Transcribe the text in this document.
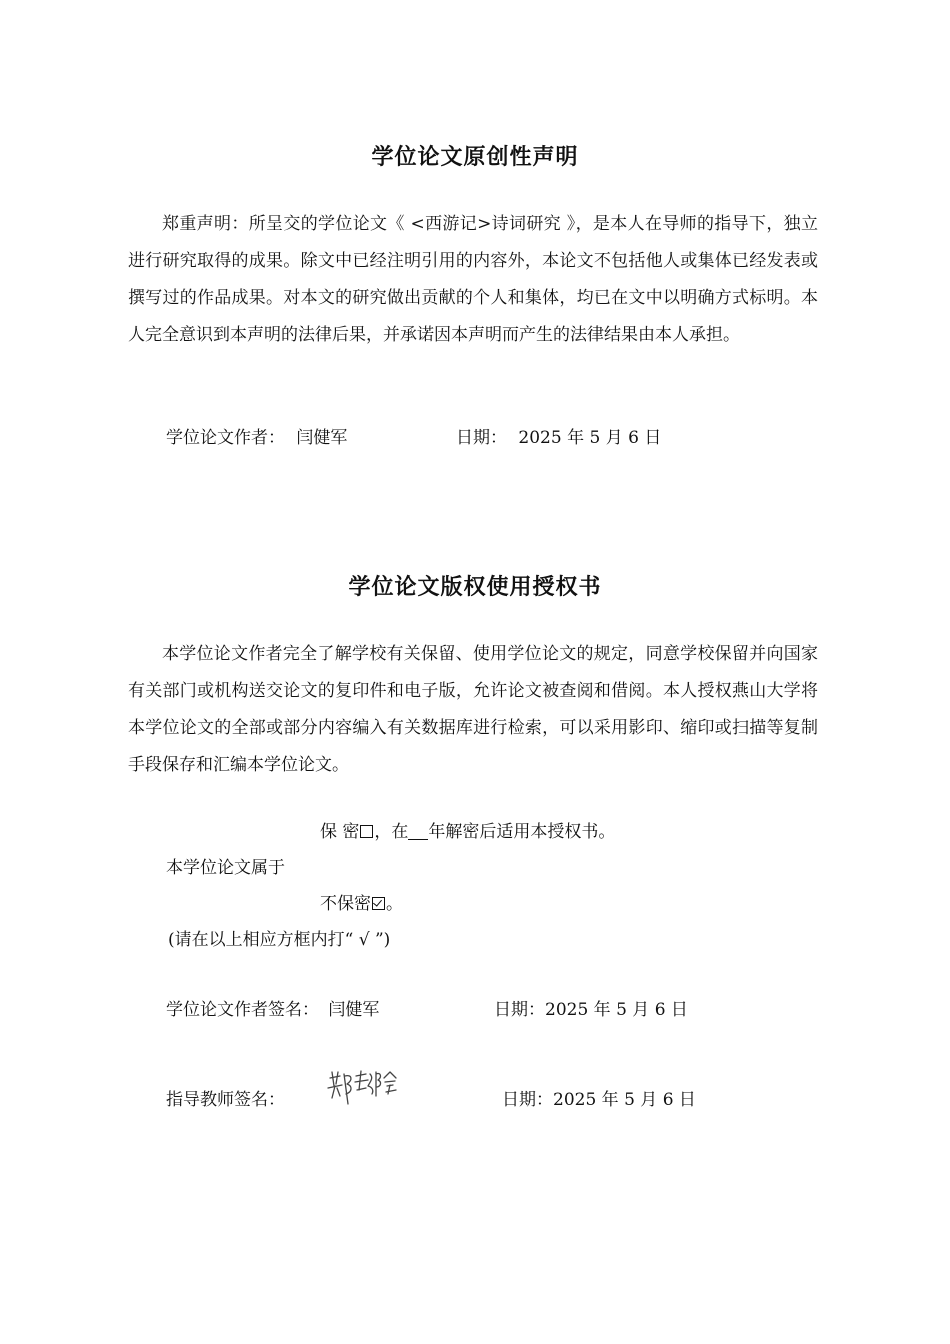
学位论文原创性声明

郑重声明：所呈交的学位论文《 <西游记>诗词研究 》，是本人在导师的指导下，独立进行研究取得的成果。除文中已经注明引用的内容外，本论文不包括他人或集体已经发表或撰写过的作品成果。对本文的研究做出贡献的个人和集体，均已在文中以明确方式标明。本人完全意识到本声明的法律后果，并承诺因本声明而产生的法律结果由本人承担。

学位论文作者： 闫健军	日期： 2025 年 5 月 6 日
学位论文版权使用授权书

本学位论文作者完全了解学校有关保留、使用学位论文的规定，同意学校保留并向国家有关部门或机构送交论文的复印件和电子版，允许论文被查阅和借阅。本人授权燕山大学将本学位论文的全部或部分内容编入有关数据库进行检索，可以采用影印、缩印或扫描等复制手段保存和汇编本学位论文。

保 密 ，在 年解密后适用本授权书。
本学位论文属于
不保密 。
(请在以上相应方框内打“ √ ”)
学位论文作者签名： 闫健军	日期：2025 年 5 月 6 日
指导教师签名：	日期：2025 年 5 月 6 日
